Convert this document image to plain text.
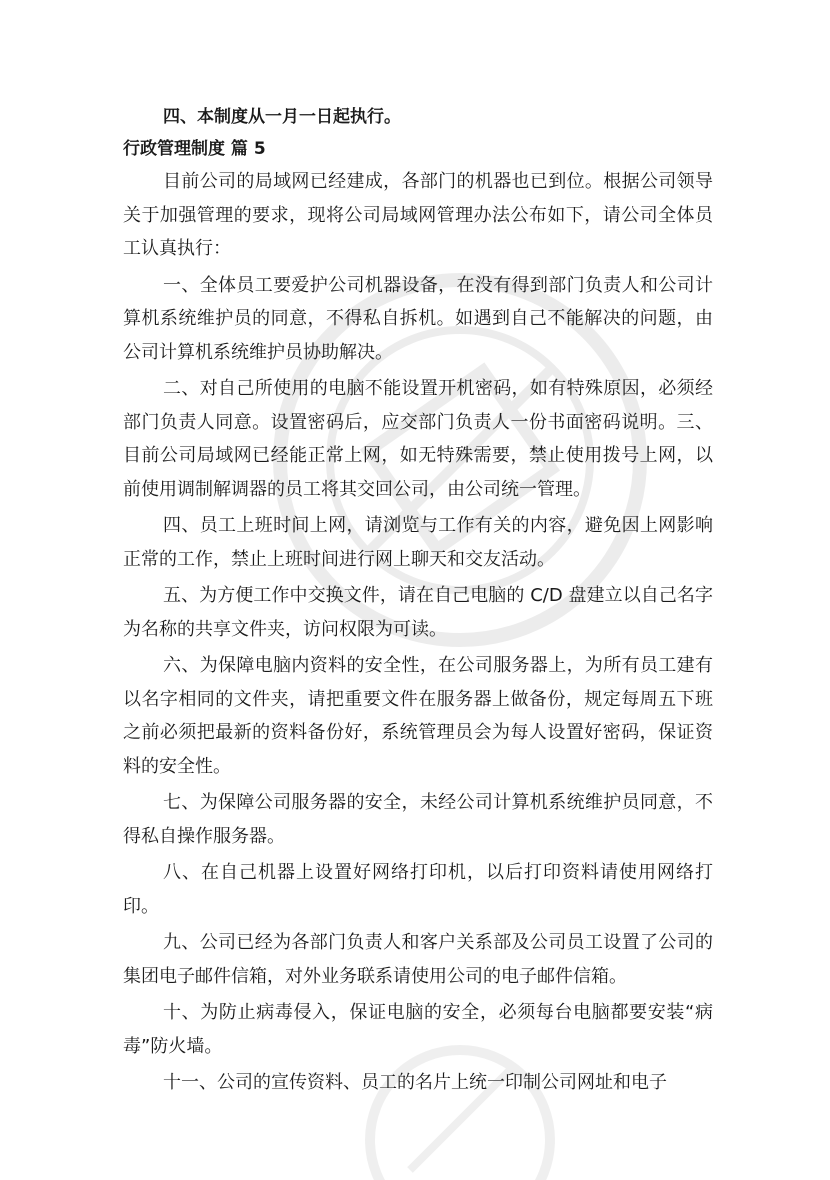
四、本制度从一月一日起执行。

行政管理制度 篇 5

目前公司的局域网已经建成，各部门的机器也已到位。根据公司领导关于加强管理的要求，现将公司局域网管理办法公布如下，请公司全体员工认真执行：

一、全体员工要爱护公司机器设备，在没有得到部门负责人和公司计算机系统维护员的同意，不得私自拆机。如遇到自己不能解决的问题，由公司计算机系统维护员协助解决。

二、对自己所使用的电脑不能设置开机密码，如有特殊原因，必须经部门负责人同意。设置密码后，应交部门负责人一份书面密码说明。三、目前公司局域网已经能正常上网，如无特殊需要，禁止使用拨号上网，以前使用调制解调器的员工将其交回公司，由公司统一管理。

四、员工上班时间上网，请浏览与工作有关的内容，避免因上网影响正常的工作，禁止上班时间进行网上聊天和交友活动。

五、为方便工作中交换文件，请在自己电脑的 C/D 盘建立以自己名字为名称的共享文件夹，访问权限为可读。

六、为保障电脑内资料的安全性，在公司服务器上，为所有员工建有以名字相同的文件夹，请把重要文件在服务器上做备份，规定每周五下班之前必须把最新的资料备份好，系统管理员会为每人设置好密码，保证资料的安全性。

七、为保障公司服务器的安全，未经公司计算机系统维护员同意，不得私自操作服务器。

八、在自己机器上设置好网络打印机，以后打印资料请使用网络打印。

九、公司已经为各部门负责人和客户关系部及公司员工设置了公司的集团电子邮件信箱，对外业务联系请使用公司的电子邮件信箱。

十、为防止病毒侵入，保证电脑的安全，必须每台电脑都要安装“病毒”防火墙。

十一、公司的宣传资料、员工的名片上统一印制公司网址和电子
